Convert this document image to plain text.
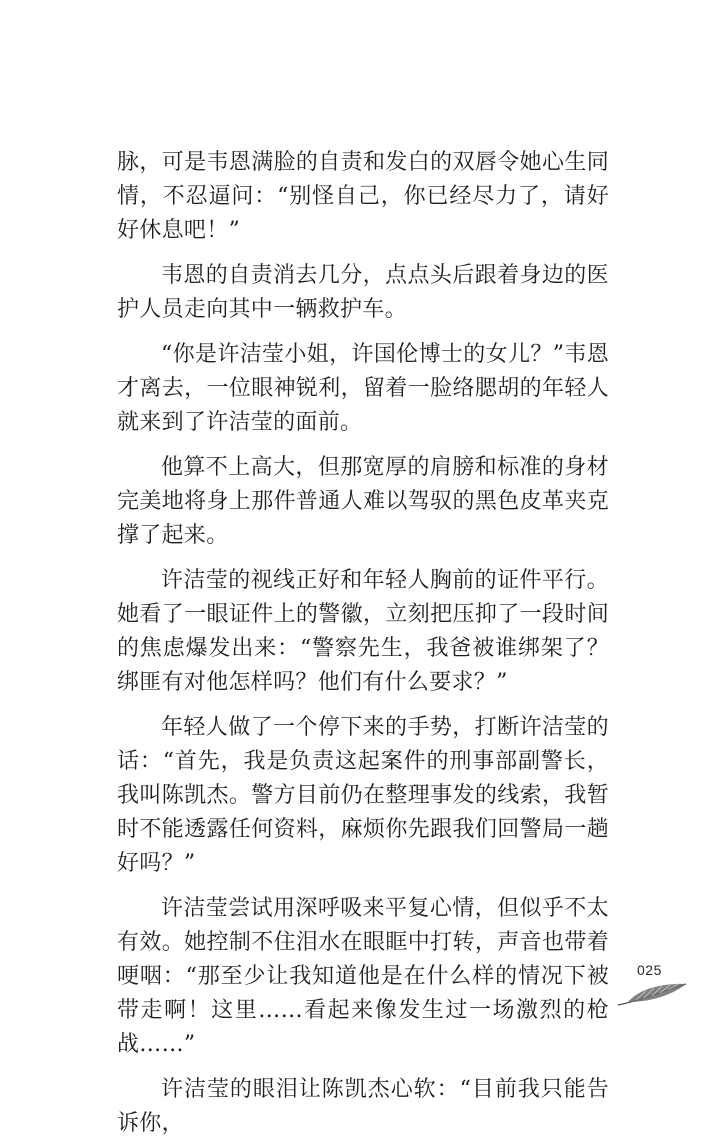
脉，可是韦恩满脸的自责和发白的双唇令她心生同情，不忍逼问：“别怪自己，你已经尽力了，请好好休息吧！”

韦恩的自责消去几分，点点头后跟着身边的医护人员走向其中一辆救护车。

“你是许洁莹小姐，许国伦博士的女儿？”韦恩才离去，一位眼神锐利，留着一脸络腮胡的年轻人就来到了许洁莹的面前。

他算不上高大，但那宽厚的肩膀和标准的身材完美地将身上那件普通人难以驾驭的黑色皮革夹克撑了起来。

许洁莹的视线正好和年轻人胸前的证件平行。她看了一眼证件上的警徽，立刻把压抑了一段时间的焦虑爆发出来：“警察先生，我爸被谁绑架了？绑匪有对他怎样吗？他们有什么要求？”

年轻人做了一个停下来的手势，打断许洁莹的话：“首先，我是负责这起案件的刑事部副警长，我叫陈凯杰。警方目前仍在整理事发的线索，我暂时不能透露任何资料，麻烦你先跟我们回警局一趟好吗？”

许洁莹尝试用深呼吸来平复心情，但似乎不太有效。她控制不住泪水在眼眶中打转，声音也带着哽咽：“那至少让我知道他是在什么样的情况下被带走啊！这里……看起来像发生过一场激烈的枪战……”

许洁莹的眼泪让陈凯杰心软：“目前我只能告诉你，

025
